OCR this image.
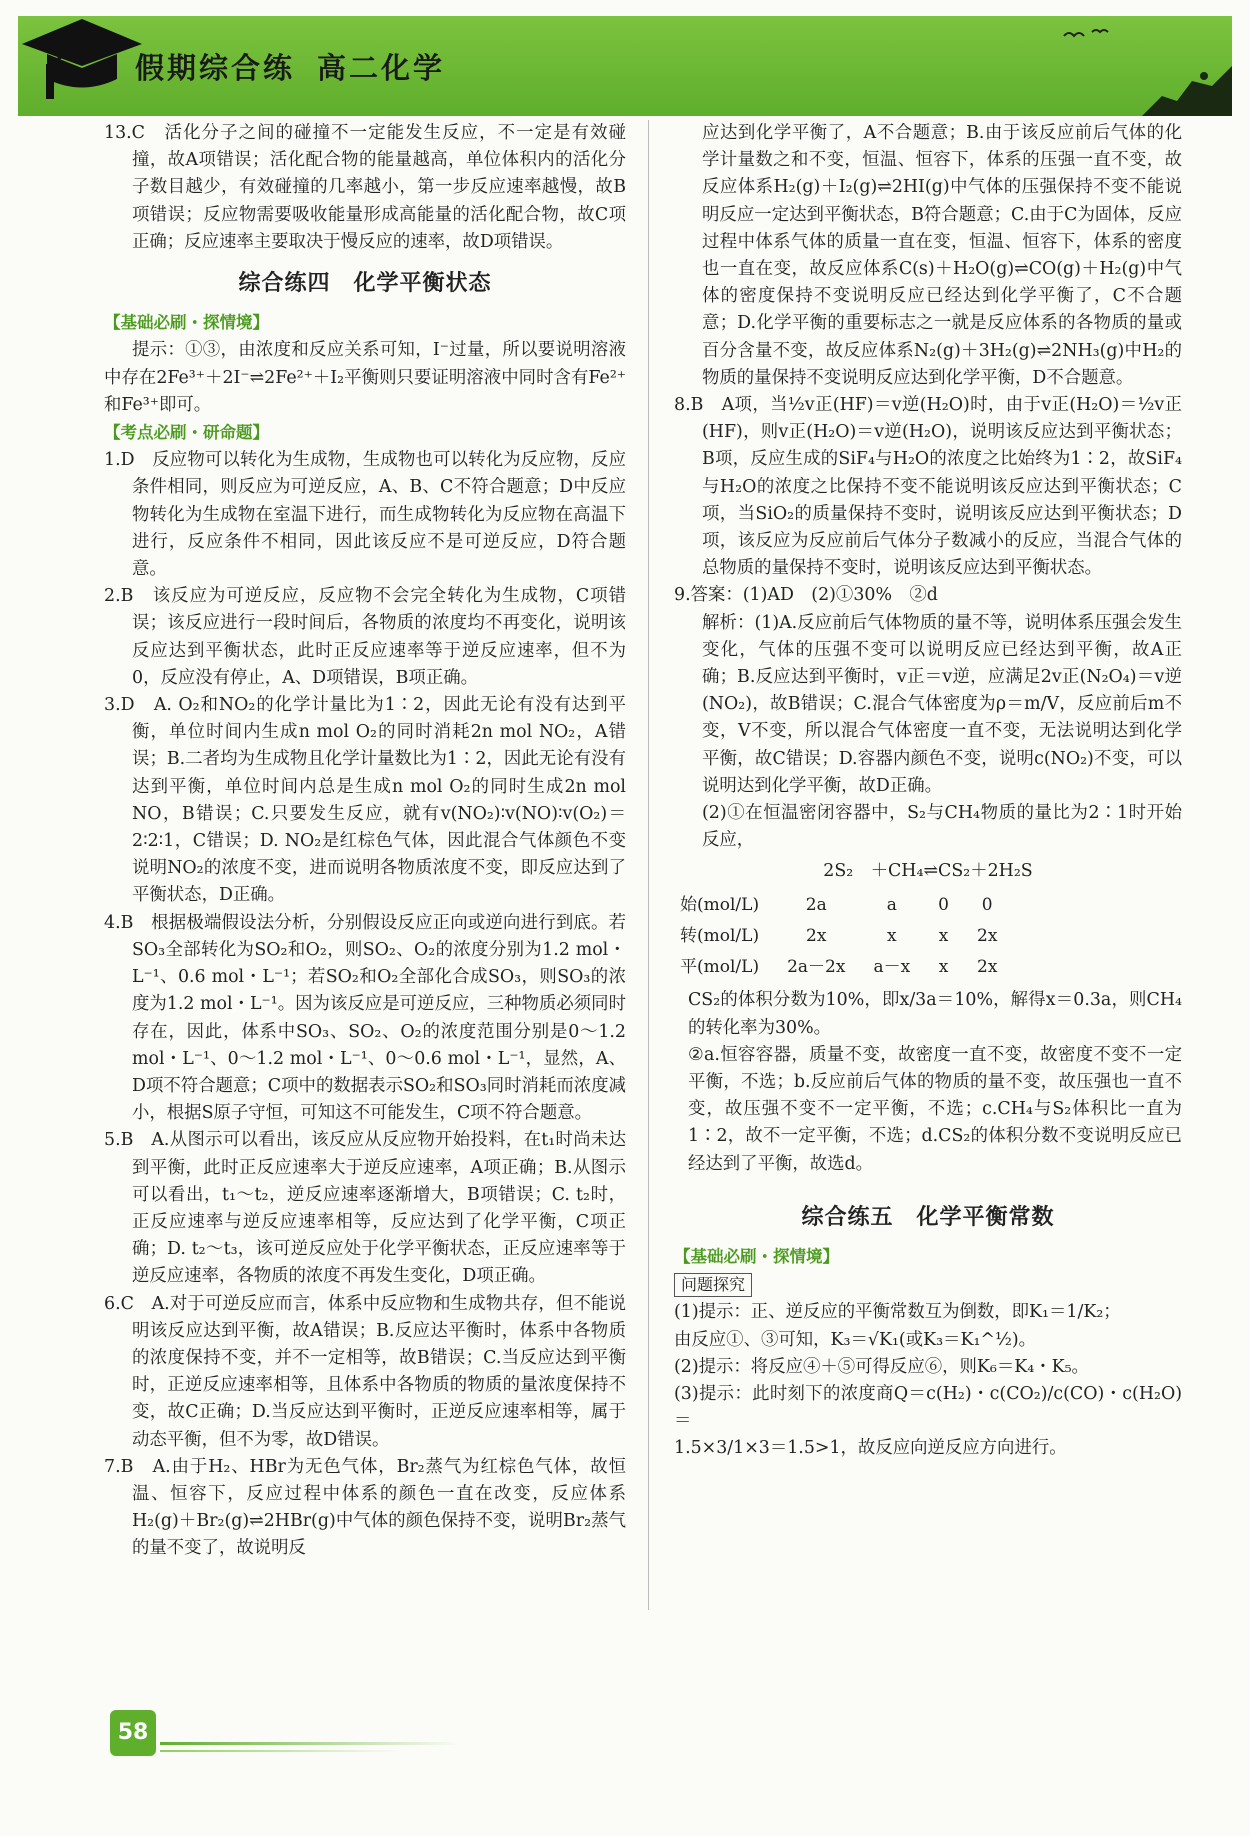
假期综合练 高二化学

13.C　活化分子之间的碰撞不一定能发生反应，不一定是有效碰撞，故A项错误；活化配合物的能量越高，单位体积内的活化分子数目越少，有效碰撞的几率越小，第一步反应速率越慢，故B项错误；反应物需要吸收能量形成高能量的活化配合物，故C项正确；反应速率主要取决于慢反应的速率，故D项错误。

综合练四　化学平衡状态
【基础必刷・探情境】

提示：①③，由浓度和反应关系可知，I⁻过量，所以要说明溶液中存在2Fe³⁺＋2I⁻⇌2Fe²⁺＋I₂平衡则只要证明溶液中同时含有Fe²⁺和Fe³⁺即可。

【考点必刷・研命题】

1.D　反应物可以转化为生成物，生成物也可以转化为反应物，反应条件相同，则反应为可逆反应，A、B、C不符合题意；D中反应物转化为生成物在室温下进行，而生成物转化为反应物在高温下进行，反应条件不相同，因此该反应不是可逆反应，D符合题意。

2.B　该反应为可逆反应，反应物不会完全转化为生成物，C项错误；该反应进行一段时间后，各物质的浓度均不再变化，说明该反应达到平衡状态，此时正反应速率等于逆反应速率，但不为0，反应没有停止，A、D项错误，B项正确。

3.D　A. O₂和NO₂的化学计量比为1∶2，因此无论有没有达到平衡，单位时间内生成n mol O₂的同时消耗2n mol NO₂，A错误；B.二者均为生成物且化学计量数比为1∶2，因此无论有没有达到平衡，单位时间内总是生成n mol O₂的同时生成2n mol NO，B错误；C.只要发生反应，就有v(NO₂)∶v(NO)∶v(O₂)＝2∶2∶1，C错误；D. NO₂是红棕色气体，因此混合气体颜色不变说明NO₂的浓度不变，进而说明各物质浓度不变，即反应达到了平衡状态，D正确。

4.B　根据极端假设法分析，分别假设反应正向或逆向进行到底。若SO₃全部转化为SO₂和O₂，则SO₂、O₂的浓度分别为1.2 mol・L⁻¹、0.6 mol・L⁻¹；若SO₂和O₂全部化合成SO₃，则SO₃的浓度为1.2 mol・L⁻¹。因为该反应是可逆反应，三种物质必须同时存在，因此，体系中SO₃、SO₂、O₂的浓度范围分别是0～1.2 mol・L⁻¹、0～1.2 mol・L⁻¹、0～0.6 mol・L⁻¹，显然，A、D项不符合题意；C项中的数据表示SO₂和SO₃同时消耗而浓度减小，根据S原子守恒，可知这不可能发生，C项不符合题意。

5.B　A.从图示可以看出，该反应从反应物开始投料，在t₁时尚未达到平衡，此时正反应速率大于逆反应速率，A项正确；B.从图示可以看出，t₁～t₂，逆反应速率逐渐增大，B项错误；C. t₂时，正反应速率与逆反应速率相等，反应达到了化学平衡，C项正确；D. t₂～t₃，该可逆反应处于化学平衡状态，正反应速率等于逆反应速率，各物质的浓度不再发生变化，D项正确。

6.C　A.对于可逆反应而言，体系中反应物和生成物共存，但不能说明该反应达到平衡，故A错误；B.反应达平衡时，体系中各物质的浓度保持不变，并不一定相等，故B错误；C.当反应达到平衡时，正逆反应速率相等，且体系中各物质的物质的量浓度保持不变，故C正确；D.当反应达到平衡时，正逆反应速率相等，属于动态平衡，但不为零，故D错误。

7.B　A.由于H₂、HBr为无色气体，Br₂蒸气为红棕色气体，故恒温、恒容下，反应过程中体系的颜色一直在改变，反应体系H₂(g)＋Br₂(g)⇌2HBr(g)中气体的颜色保持不变，说明Br₂蒸气的量不变了，故说明反

应达到化学平衡了，A不合题意；B.由于该反应前后气体的化学计量数之和不变，恒温、恒容下，体系的压强一直不变，故反应体系H₂(g)＋I₂(g)⇌2HI(g)中气体的压强保持不变不能说明反应一定达到平衡状态，B符合题意；C.由于C为固体，反应过程中体系气体的质量一直在变，恒温、恒容下，体系的密度也一直在变，故反应体系C(s)＋H₂O(g)⇌CO(g)＋H₂(g)中气体的密度保持不变说明反应已经达到化学平衡了，C不合题意；D.化学平衡的重要标志之一就是反应体系的各物质的量或百分含量不变，故反应体系N₂(g)＋3H₂(g)⇌2NH₃(g)中H₂的物质的量保持不变说明反应达到化学平衡，D不合题意。

8.B　A项，当½v正(HF)＝v逆(H₂O)时，由于v正(H₂O)＝½v正(HF)，则v正(H₂O)＝v逆(H₂O)，说明该反应达到平衡状态；B项，反应生成的SiF₄与H₂O的浓度之比始终为1∶2，故SiF₄与H₂O的浓度之比保持不变不能说明该反应达到平衡状态；C项，当SiO₂的质量保持不变时，说明该反应达到平衡状态；D项，该反应为反应前后气体分子数减小的反应，当混合气体的总物质的量保持不变时，说明该反应达到平衡状态。

9.答案：(1)AD　(2)①30%　②d

解析：(1)A.反应前后气体物质的量不等，说明体系压强会发生变化，气体的压强不变可以说明反应已经达到平衡，故A正确；B.反应达到平衡时，v正＝v逆，应满足2v正(N₂O₄)＝v逆(NO₂)，故B错误；C.混合气体密度为ρ＝m/V，反应前后m不变，V不变，所以混合气体密度一直不变，无法说明达到化学平衡，故C错误；D.容器内颜色不变，说明c(NO₂)不变，可以说明达到化学平衡，故D正确。

(2)①在恒温密闭容器中，S₂与CH₄物质的量比为2∶1时开始反应，

2S₂　＋CH₄⇌CS₂＋2H₂S
始(mol/L)	2a	a	0	0
转(mol/L)	2x	x	x	2x
平(mol/L)	2a－2x	a－x	x	2x

CS₂的体积分数为10%，即x/3a＝10%，解得x＝0.3a，则CH₄的转化率为30%。

②a.恒容容器，质量不变，故密度一直不变，故密度不变不一定平衡，不选；b.反应前后气体的物质的量不变，故压强也一直不变，故压强不变不一定平衡，不选；c.CH₄与S₂体积比一直为1∶2，故不一定平衡，不选；d.CS₂的体积分数不变说明反应已经达到了平衡，故选d。

综合练五　化学平衡常数
【基础必刷・探情境】
问题探究

(1)提示：正、逆反应的平衡常数互为倒数，即K₁＝1/K₂；

由反应①、③可知，K₃＝√K₁(或K₃＝K₁^½)。

(2)提示：将反应④＋⑤可得反应⑥，则K₆＝K₄・K₅。

(3)提示：此时刻下的浓度商Q＝c(H₂)・c(CO₂)/c(CO)・c(H₂O)＝

1.5×3/1×3＝1.5>1，故反应向逆反应方向进行。

58
